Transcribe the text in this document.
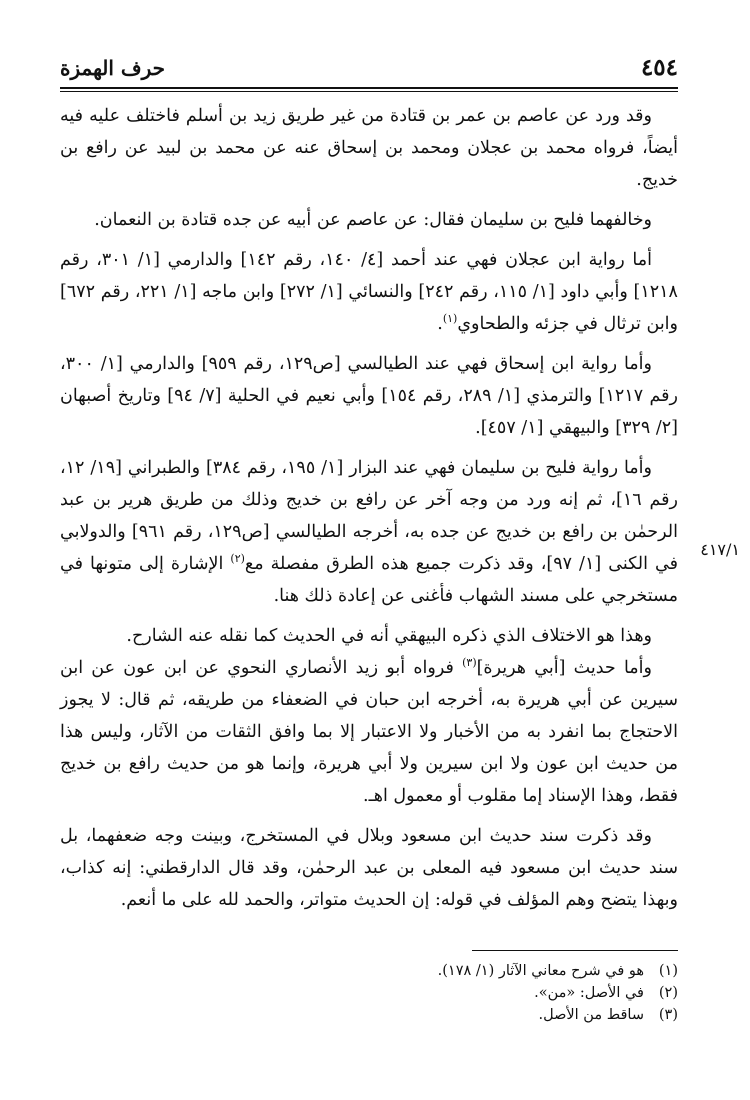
٤٥٤
حرف الهمزة

وقد ورد عن عاصم بن عمر بن قتادة من غير طريق زيد بن أسلم فاختلف عليه فيه أيضاً، فرواه محمد بن عجلان ومحمد بن إسحاق عنه عن محمد بن لبيد عن رافع بن خديج.

وخالفهما فليح بن سليمان فقال: عن عاصم عن أبيه عن جده قتادة بن النعمان.

أما رواية ابن عجلان فهي عند أحمد [٤/ ١٤٠، رقم ١٤٢] والدارمي [١/ ٣٠١، رقم ١٢١٨] وأبي داود [١/ ١١٥، رقم ٢٤٢] والنسائي [١/ ٢٧٢] وابن ماجه [١/ ٢٢١، رقم ٦٧٢] وابن ترثال في جزئه والطحاوي$^{(١)}$.

وأما رواية ابن إسحاق فهي عند الطيالسي [ص١٢٩، رقم ٩٥٩] والدارمي [١/ ٣٠٠، رقم ١٢١٧] والترمذي [١/ ٢٨٩، رقم ١٥٤] وأبي نعيم في الحلية [٧/ ٩٤] وتاريخ أصبهان [٢/ ٣٢٩] والبيهقي [١/ ٤٥٧].

وأما رواية فليح بن سليمان فهي عند البزار [١/ ١٩٥، رقم ٣٨٤] والطبراني [١٩/ ١٢، رقم ١٦]، ثم إنه ورد من وجه آخر عن رافع بن خديج وذلك من طريق هرير بن عبد الرحمٰن بن رافع بن خديج عن جده به، أخرجه الطيالسي [ص١٢٩، رقم ٩٦١] والدولابي في الكنى [١/ ٩٧]، وقد ذكرت جميع هذه الطرق مفصلة مع$^{(٢)}$ الإشارة إلى متونها في مستخرجي على مسند الشهاب فأغنى عن إعادة ذلك هنا.

وهذا هو الاختلاف الذي ذكره البيهقي أنه في الحديث كما نقله عنه الشارح.

وأما حديث [أبي هريرة]$^{(٣)}$ فرواه أبو زيد الأنصاري النحوي عن ابن عون عن ابن سيرين عن أبي هريرة به، أخرجه ابن حبان في الضعفاء من طريقه، ثم قال: لا يجوز الاحتجاج بما انفرد به من الأخبار ولا الاعتبار إلا بما وافق الثقات من الآثار، وليس هذا من حديث ابن عون ولا ابن سيرين ولا أبي هريرة، وإنما هو من حديث رافع بن خديج فقط، وهذا الإسناد إما مقلوب أو معمول اهـ.

وقد ذكرت سند حديث ابن مسعود وبلال في المستخرج، وبينت وجه ضعفهما، بل سند حديث ابن مسعود فيه المعلى بن عبد الرحمٰن، وقد قال الدارقطني: إنه كذاب، وبهذا يتضح وهم المؤلف في قوله: إن الحديث متواتر، والحمد لله على ما أنعم.

٤١٧/١
(١)هو في شرح معاني الآثار (١/ ١٧٨).
(٢)في الأصل: «من».
(٣)ساقط من الأصل.
